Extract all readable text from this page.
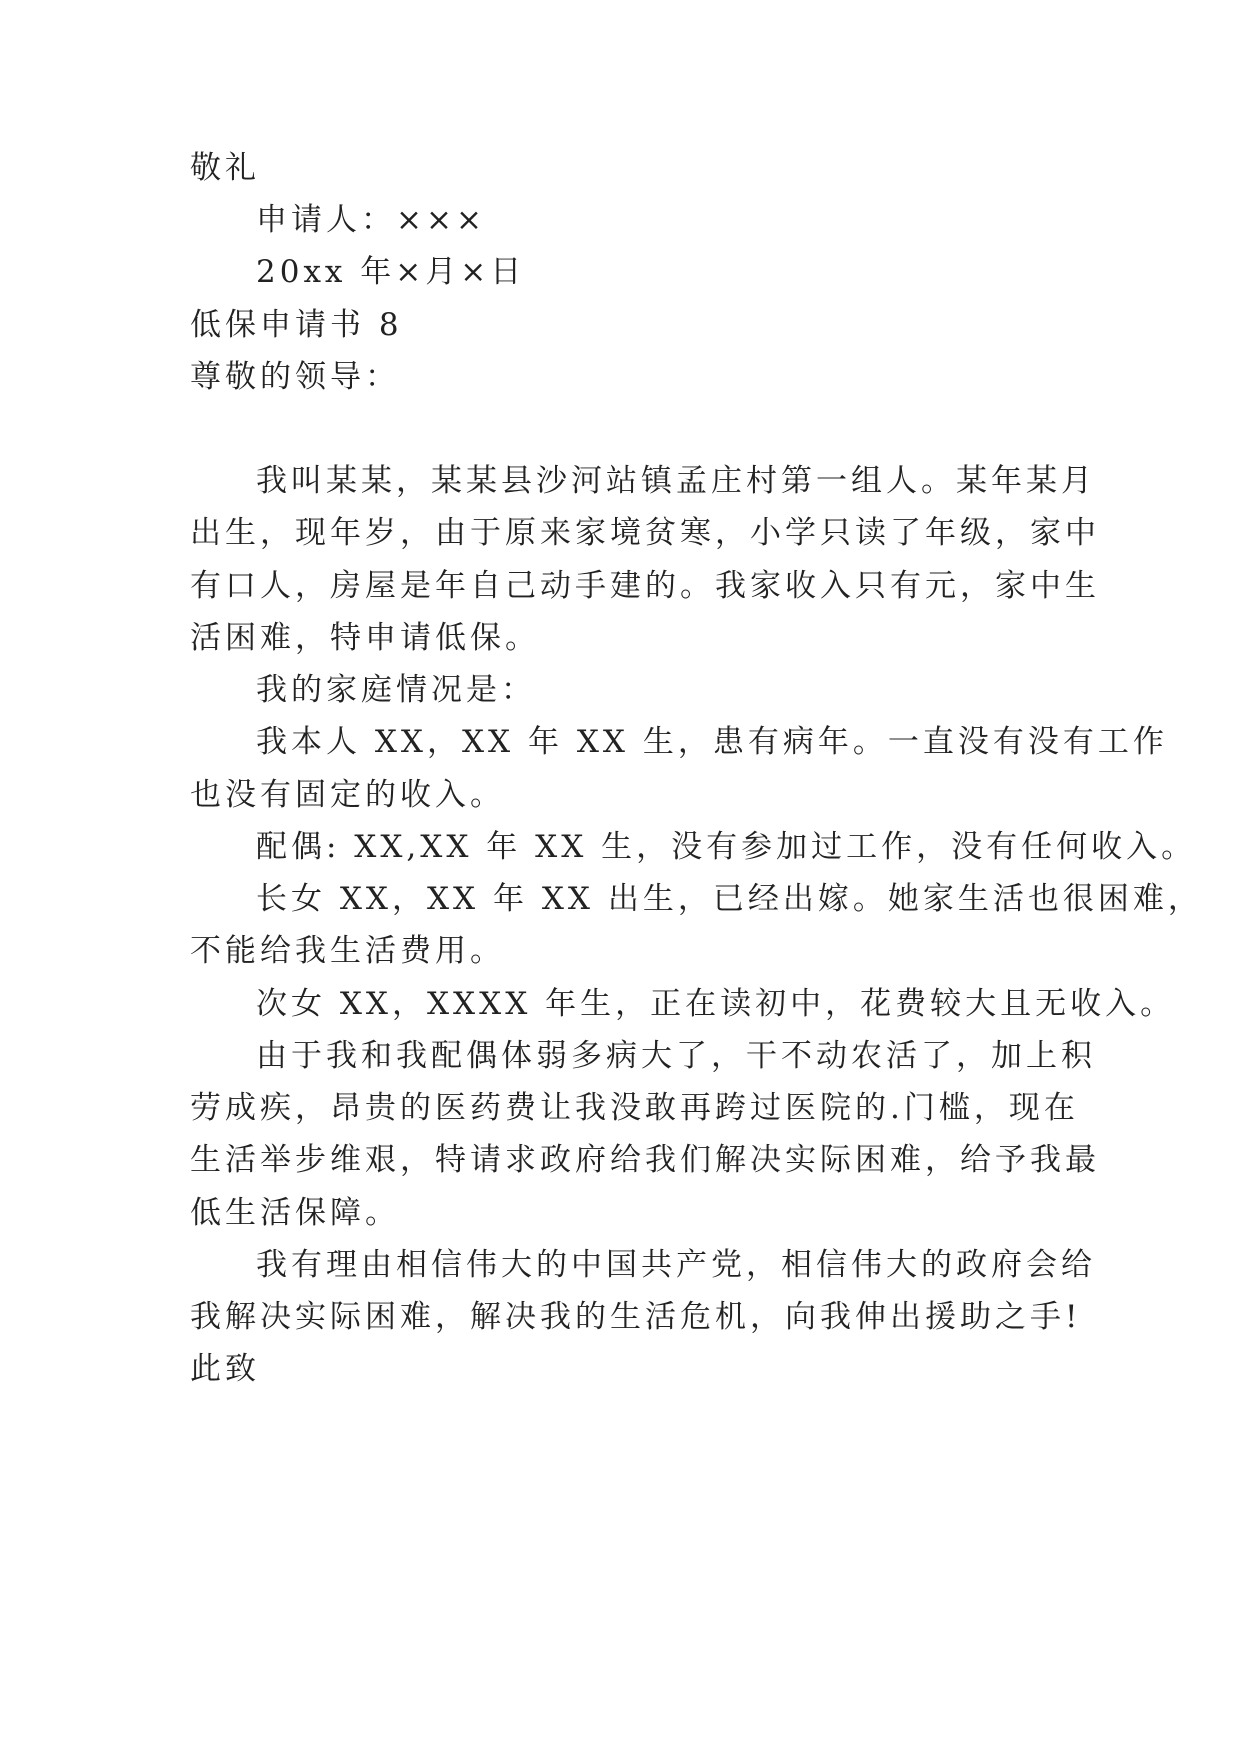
敬礼
申请人：×××
20xx 年×月×日
低保申请书 8
尊敬的领导：
我叫某某，某某县沙河站镇孟庄村第一组人。某年某月
出生，现年岁，由于原来家境贫寒，小学只读了年级，家中
有口人，房屋是年自己动手建的。我家收入只有元，家中生
活困难，特申请低保。
我的家庭情况是：
我本人 XX，XX 年 XX 生，患有病年。一直没有没有工作
也没有固定的收入。
配偶: XX,XX 年 XX 生，没有参加过工作，没有任何收入。
长女 XX，XX 年 XX 出生，已经出嫁。她家生活也很困难，
不能给我生活费用。
次女 XX，XXXX 年生，正在读初中，花费较大且无收入。
由于我和我配偶体弱多病大了，干不动农活了，加上积
劳成疾，昂贵的医药费让我没敢再跨过医院的.门槛，现在
生活举步维艰，特请求政府给我们解决实际困难，给予我最
低生活保障。
我有理由相信伟大的中国共产党，相信伟大的政府会给
我解决实际困难，解决我的生活危机，向我伸出援助之手!
此致
